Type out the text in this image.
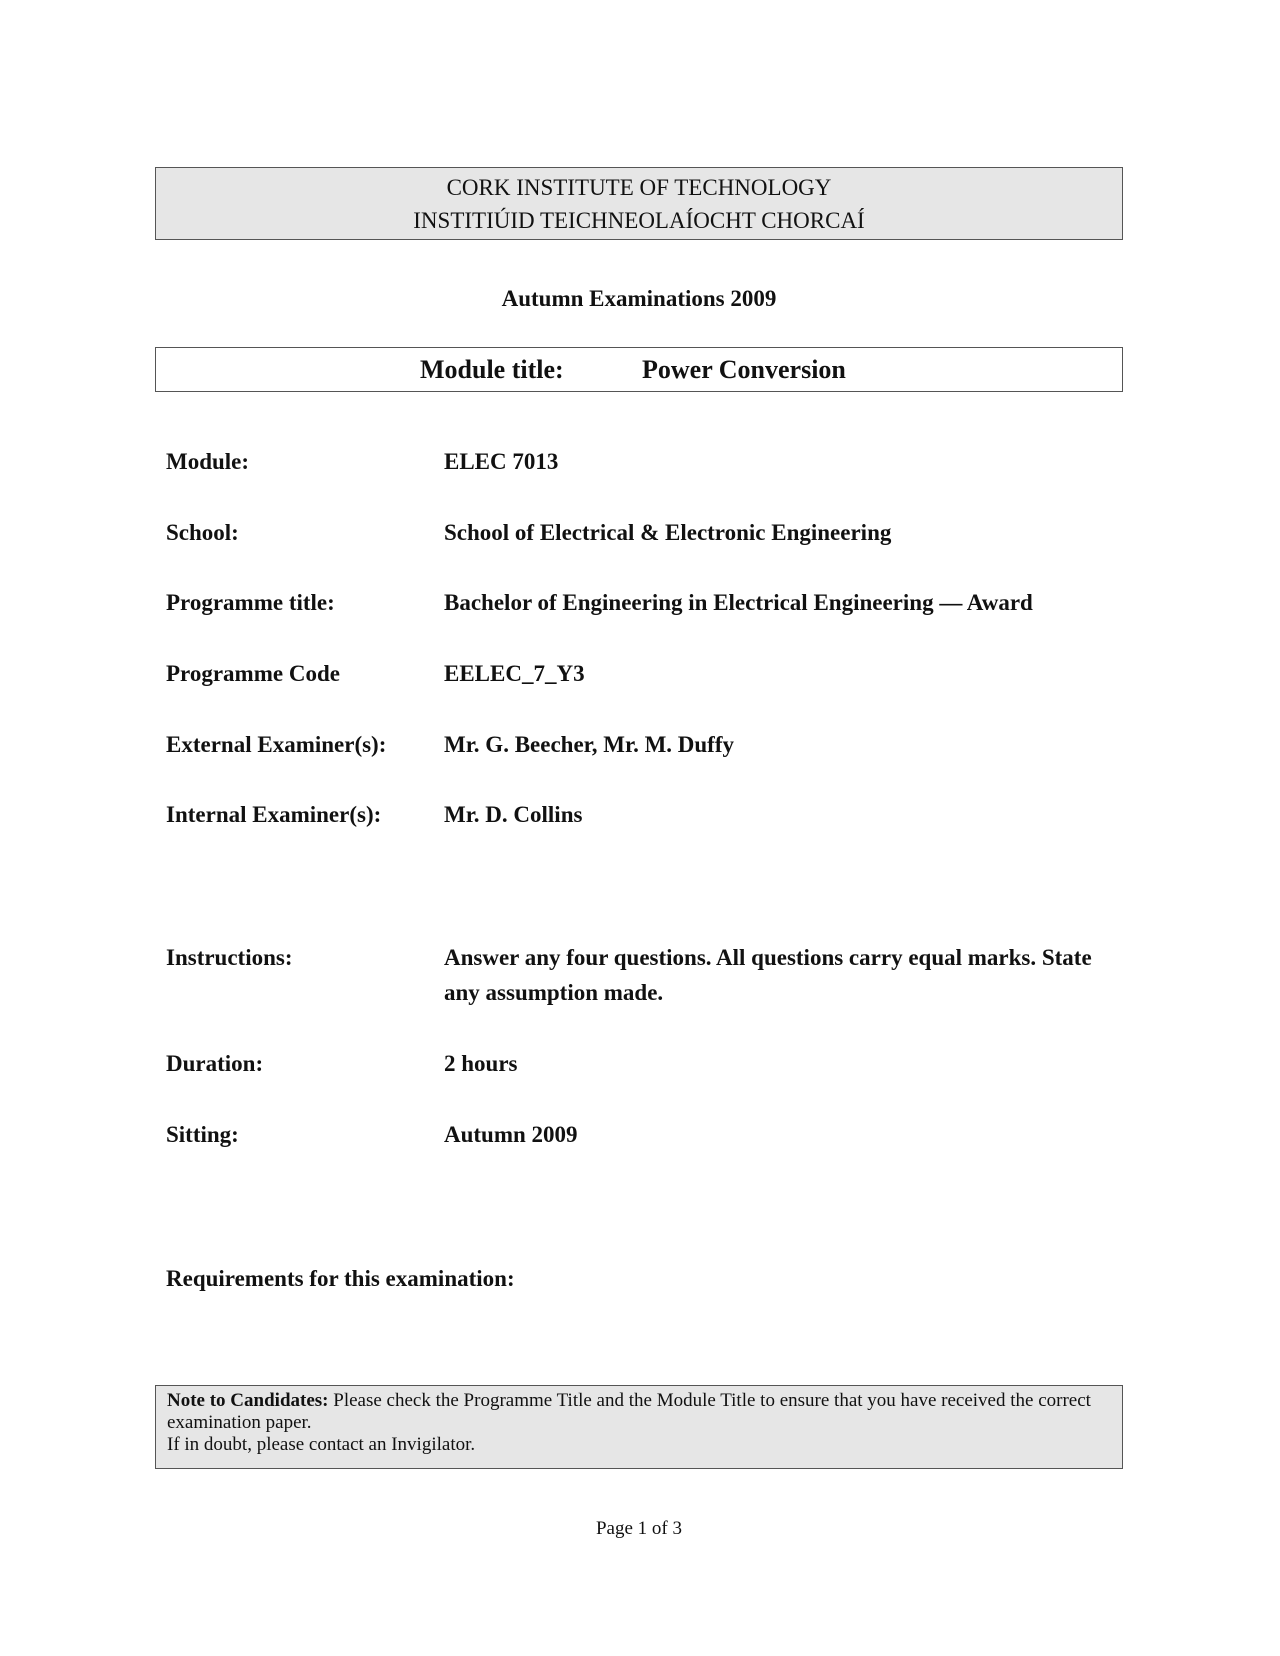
CORK INSTITUTE OF TECHNOLOGY
INSTITIÚID TEICHNEOLAÍOCHT CHORCAÍ
Autumn Examinations 2009
Module title:	Power Conversion
Module:	ELEC 7013
School:	School of Electrical & Electronic Engineering
Programme title:	Bachelor of Engineering in Electrical Engineering — Award
Programme Code	EELEC_7_Y3
External Examiner(s):	Mr. G. Beecher, Mr. M. Duffy
Internal Examiner(s):	Mr. D. Collins
Instructions:	Answer any four questions. All questions carry equal marks. State any assumption made.
Duration:	2 hours
Sitting:	Autumn 2009
Requirements for this examination:
Note to Candidates: Please check the Programme Title and the Module Title to ensure that you have received the correct examination paper.
If in doubt, please contact an Invigilator.
Page 1 of 3
